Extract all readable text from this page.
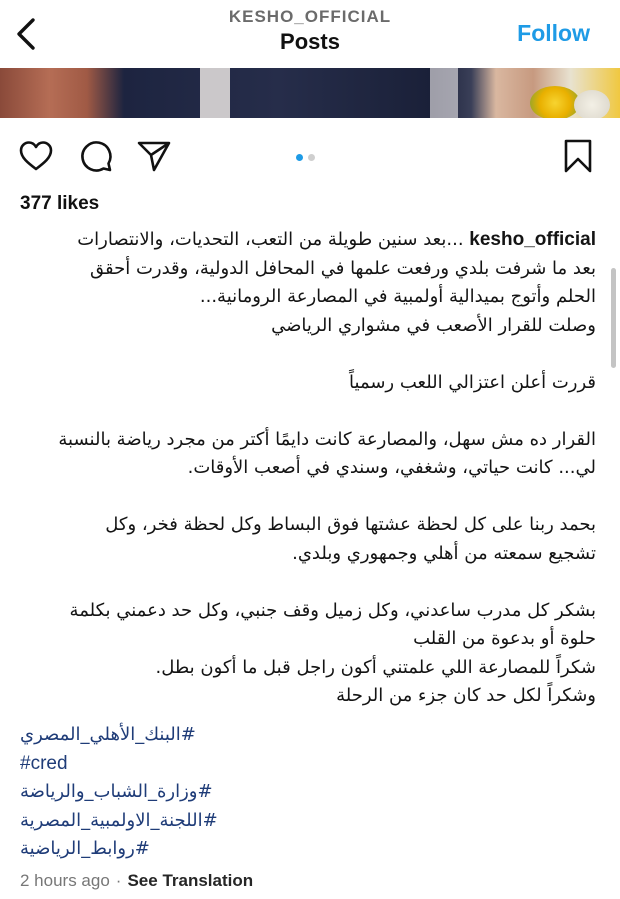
KESHO_OFFICIAL
Posts	Follow
377 likes

kesho_official ...بعد سنين طويلة من التعب، التحديات، والانتصارات

بعد ما شرفت بلدي ورفعت علمها في المحافل الدولية، وقدرت أحقق

الحلم وأتوج بميدالية أولمبية في المصارعة الرومانية...

وصلت للقرار الأصعب في مشواري الرياضي

قررت أعلن اعتزالي اللعب رسمياً

القرار ده مش سهل، والمصارعة كانت دايمًا أكتر من مجرد رياضة بالنسبة

لي... كانت حياتي، وشغفي، وسندي في أصعب الأوقات.

بحمد ربنا على كل لحظة عشتها فوق البساط وكل لحظة فخر، وكل

تشجيع سمعته من أهلي وجمهوري وبلدي.

بشكر كل مدرب ساعدني، وكل زميل وقف جنبي، وكل حد دعمني بكلمة

حلوة أو بدعوة من القلب

شكراً للمصارعة اللي علمتني أكون راجل قبل ما أكون بطل.

وشكراً لكل حد كان جزء من الرحلة

#البنك_الأهلي_المصري
#cred
#وزارة_الشباب_والرياضة
#اللجنة_الاولمبية_المصرية
#روابط_الرياضية
2 hours ago · See Translation
